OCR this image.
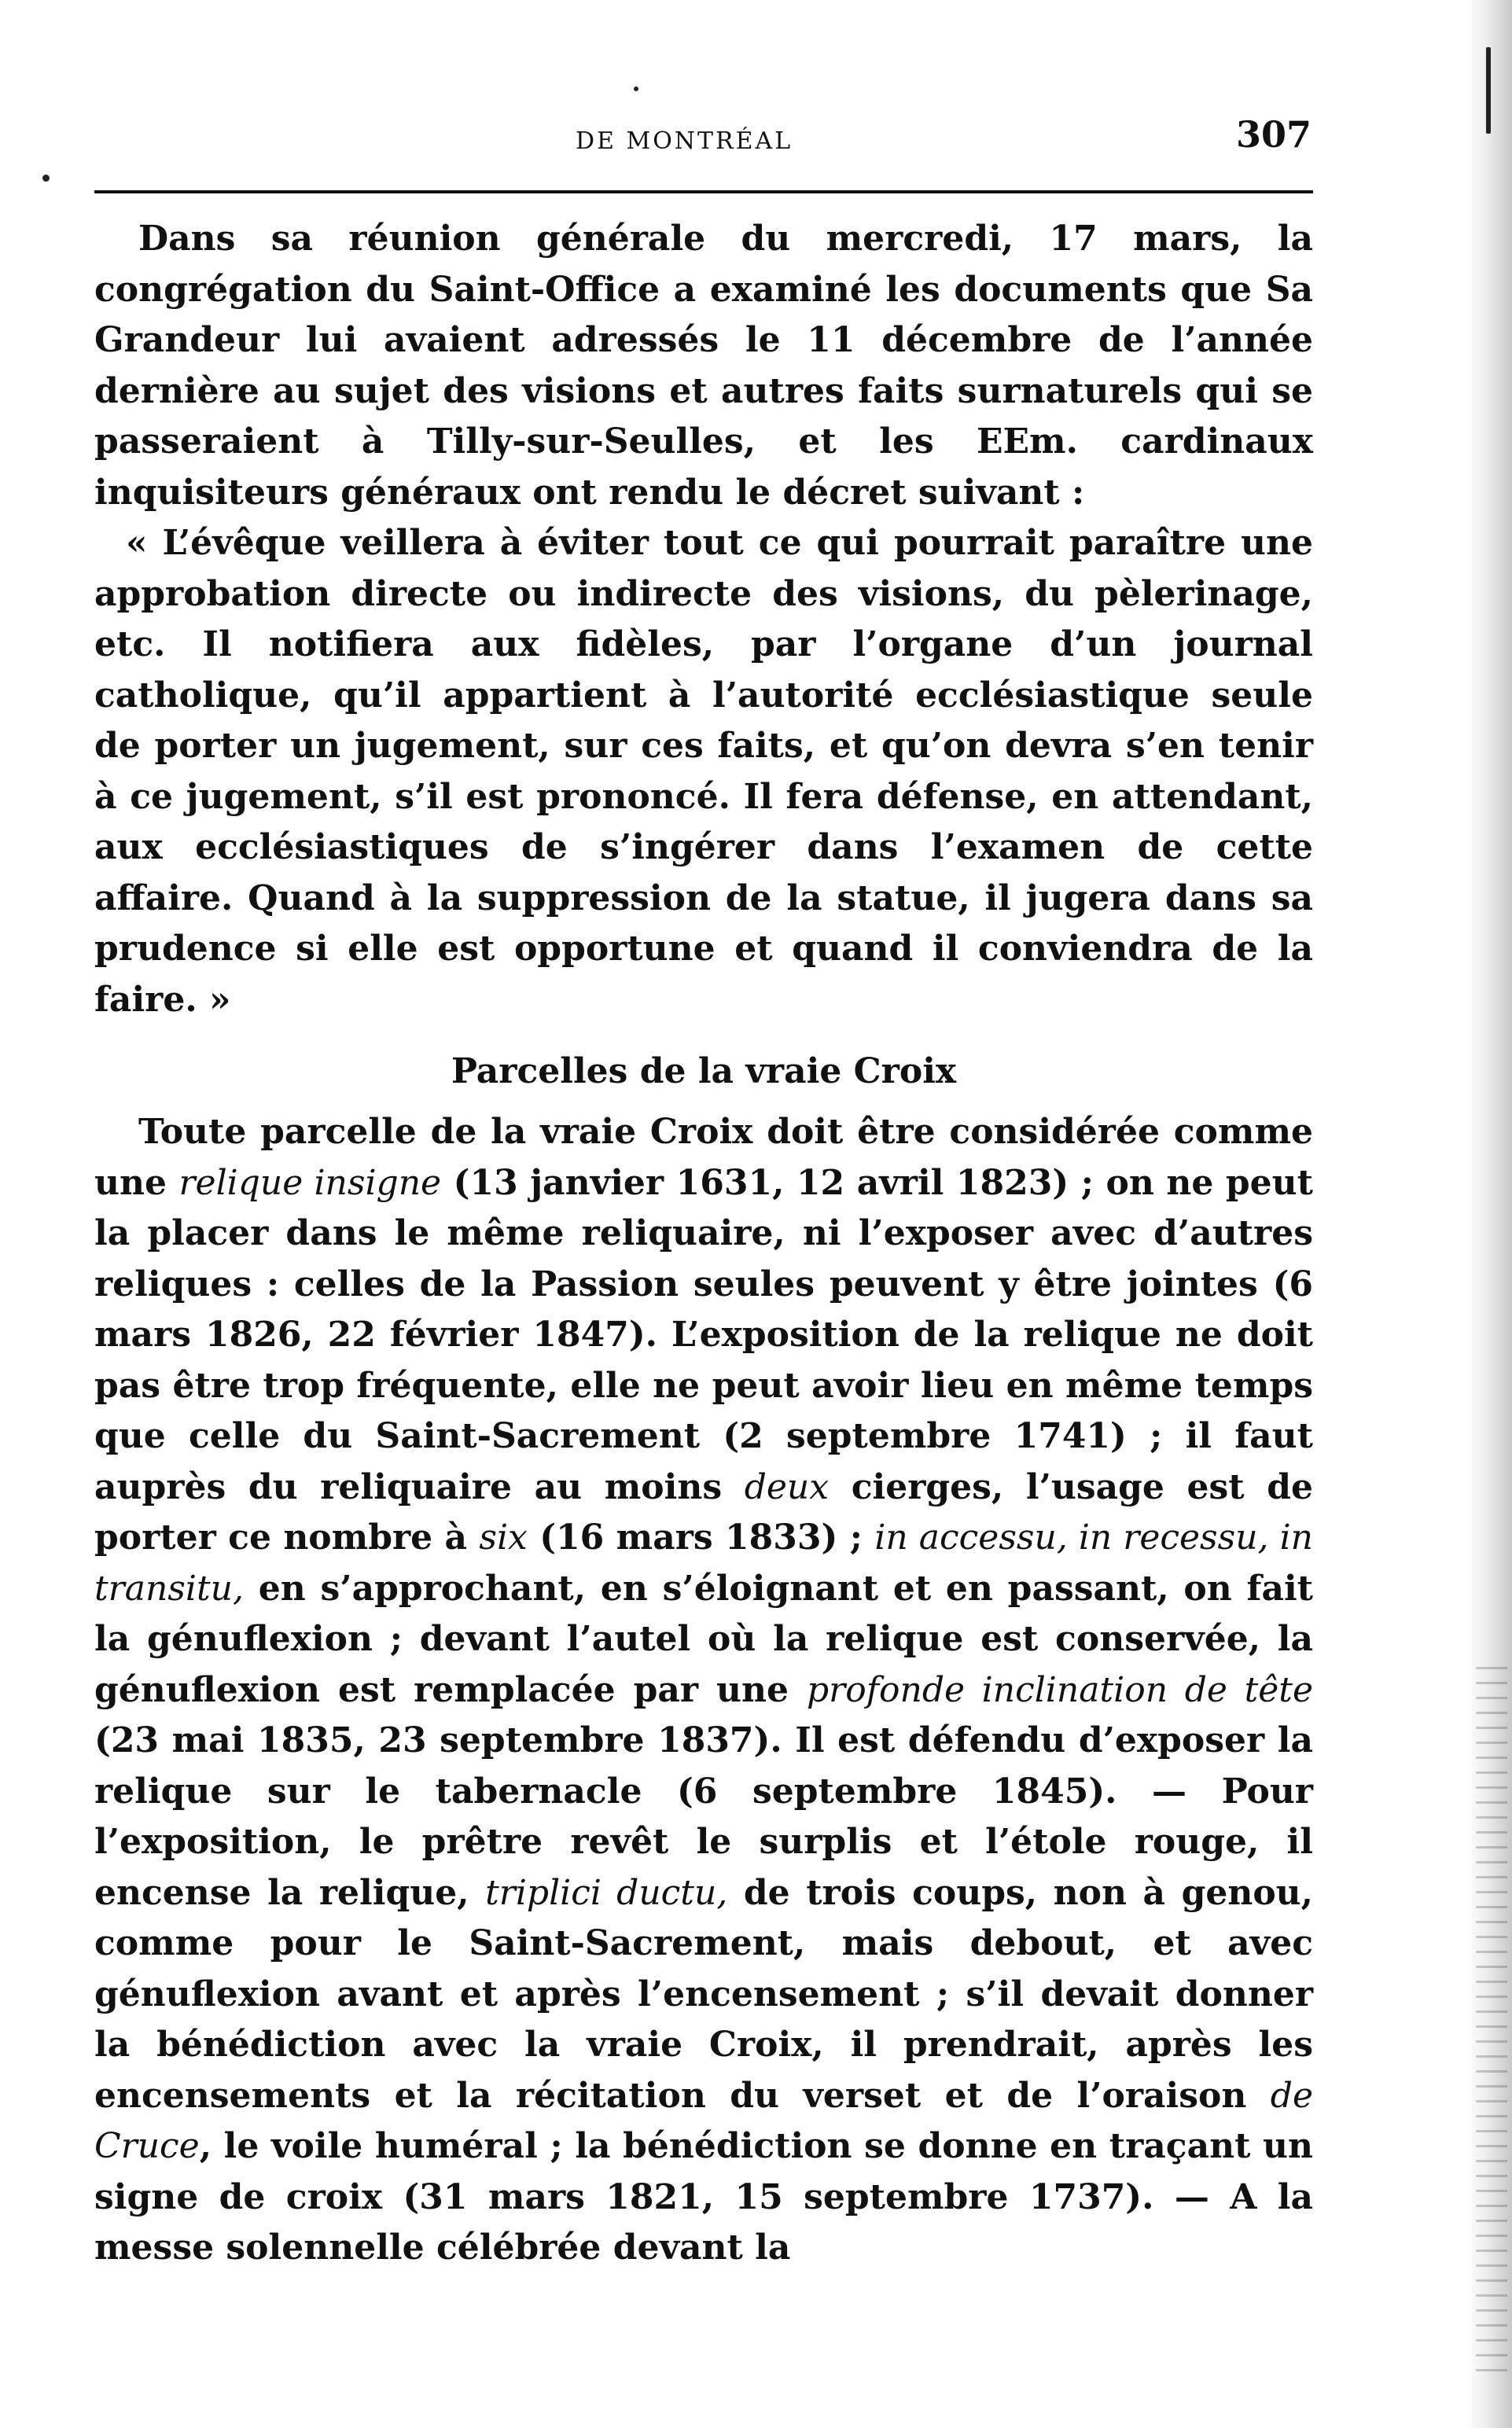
DE MONTRÉAL	307

Dans sa réunion générale du mercredi, 17 mars, la congrégation du Saint-Office a examiné les documents que Sa Grandeur lui avaient adressés le 11 décembre de l’année dernière au sujet des visions et autres faits surnaturels qui se passeraient à Tilly-sur-Seulles, et les EEm. cardinaux inquisiteurs généraux ont rendu le décret suivant :

« L’évêque veillera à éviter tout ce qui pourrait paraître une approbation directe ou indirecte des visions, du pèlerinage, etc. Il notifiera aux fidèles, par l’organe d’un journal catholique, qu’il appartient à l’autorité ecclésiastique seule de porter un jugement, sur ces faits, et qu’on devra s’en tenir à ce jugement, s’il est prononcé. Il fera défense, en attendant, aux ecclésiastiques de s’ingérer dans l’examen de cette affaire. Quand à la suppression de la statue, il jugera dans sa prudence si elle est opportune et quand il conviendra de la faire. »

Parcelles de la vraie Croix

Toute parcelle de la vraie Croix doit être considérée comme une relique insigne (13 janvier 1631, 12 avril 1823) ; on ne peut la placer dans le même reliquaire, ni l’exposer avec d’autres reliques : celles de la Passion seules peuvent y être jointes (6 mars 1826, 22 février 1847). L’exposition de la relique ne doit pas être trop fréquente, elle ne peut avoir lieu en même temps que celle du Saint-Sacrement (2 septembre 1741) ; il faut auprès du reliquaire au moins deux cierges, l’usage est de porter ce nombre à six (16 mars 1833) ; in accessu, in recessu, in transitu, en s’approchant, en s’éloignant et en passant, on fait la génuflexion ; devant l’autel où la relique est conservée, la génuflexion est remplacée par une profonde inclination de tête (23 mai 1835, 23 septembre 1837). Il est défendu d’exposer la relique sur le tabernacle (6 septembre 1845). — Pour l’exposition, le prêtre revêt le surplis et l’étole rouge, il encense la relique, triplici ductu, de trois coups, non à genou, comme pour le Saint-Sacrement, mais debout, et avec génuflexion avant et après l’encensement ; s’il devait donner la bénédiction avec la vraie Croix, il prendrait, après les encensements et la récitation du verset et de l’oraison de Cruce, le voile huméral ; la bénédiction se donne en traçant un signe de croix (31 mars 1821, 15 septembre 1737). — A la messe solennelle célébrée devant la
